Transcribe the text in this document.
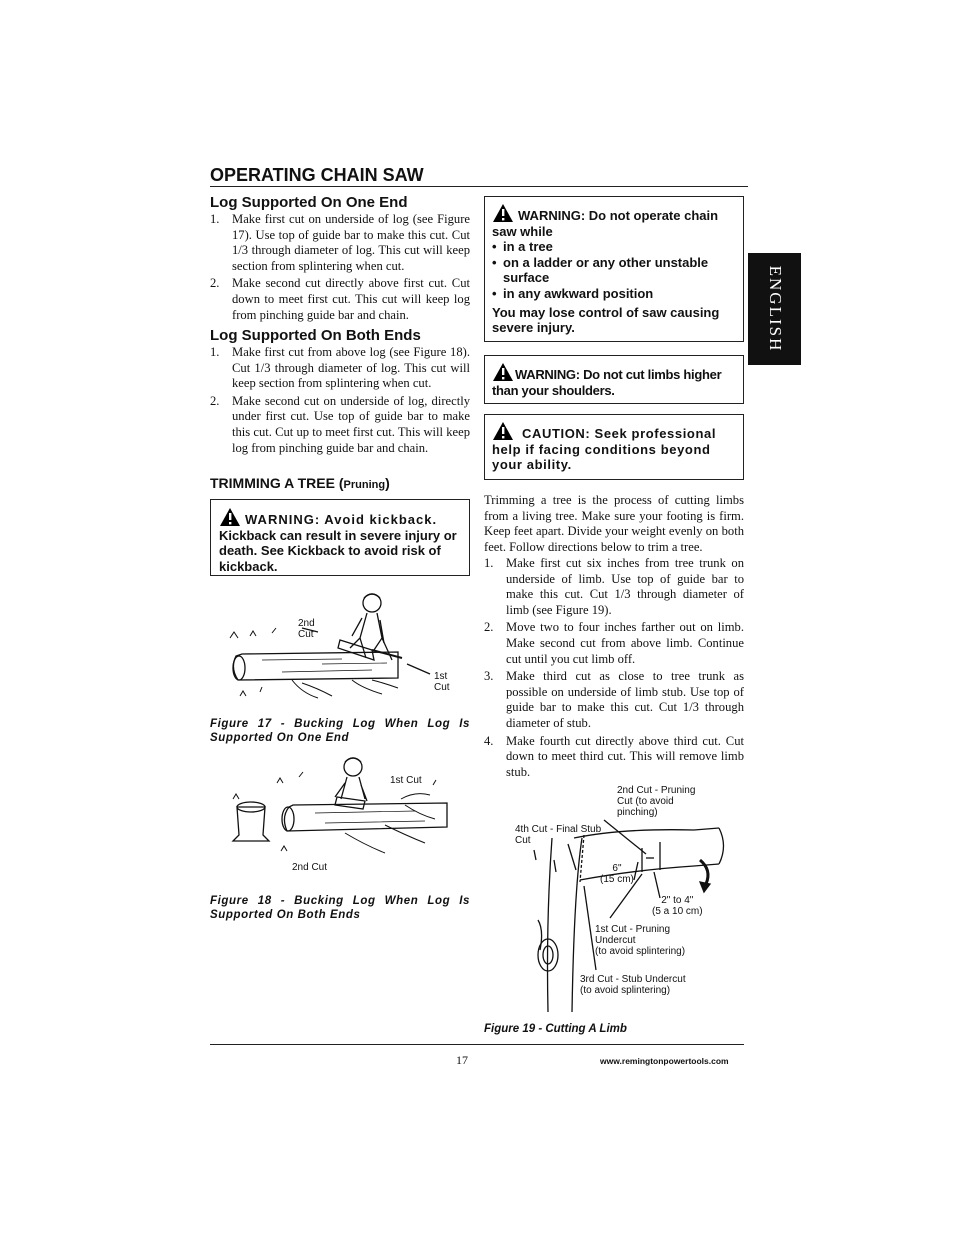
OPERATING CHAIN SAW
ENGLISH
Log Supported On One End
1. Make first cut on underside of log (see Figure 17). Use top of guide bar to make this cut. Cut 1/3 through diameter of log. This cut will keep section from splintering when cut.
2. Make second cut directly above first cut. Cut down to meet first cut. This cut will keep log from pinching guide bar and chain.
Log Supported On Both Ends
1. Make first cut from above log (see Figure 18). Cut 1/3 through diameter of log. This cut will keep section from splintering when cut.
2. Make second cut on underside of log, directly under first cut. Use top of guide bar to make this cut. Cut up to meet first cut. This will keep log from pinching guide bar and chain.
TRIMMING A TREE (Pruning)
WARNING: Avoid kickback.
Kickback can result in severe injury or death. See Kickback to avoid risk of kickback.
2nd
Cut
1st
Cut
Figure 17 - Bucking Log When Log Is Supported On One End
1st Cut
2nd Cut
Figure 18 - Bucking Log When Log Is Supported On Both Ends
WARNING: Do not operate chain saw while
• in a tree
• on a ladder or any other unstable surface
• in any awkward position
You may lose control of saw causing severe injury.
WARNING: Do not cut limbs higher than your shoulders.
CAUTION: Seek professional help if facing conditions beyond your ability.
Trimming a tree is the process of cutting limbs from a living tree. Make sure your footing is firm. Keep feet apart. Divide your weight evenly on both feet. Follow directions below to trim a tree.
1. Make first cut six inches from tree trunk on underside of limb. Use top of guide bar to make this cut. Cut 1/3 through diameter of limb (see Figure 19).
2. Move two to four inches farther out on limb. Make second cut from above limb. Continue cut until you cut limb off.
3. Make third cut as close to tree trunk as possible on underside of limb stub. Use top of guide bar to make this cut. Cut 1/3 through diameter of stub.
4. Make fourth cut directly above third cut. Cut down to meet third cut. This will remove limb stub.
2nd Cut - Pruning
Cut (to avoid
pinching)
4th Cut - Final Stub
Cut
6"
(15 cm)
2" to 4"
(5 a 10 cm)
1st Cut - Pruning
Undercut
(to avoid splintering)
3rd Cut - Stub Undercut
(to avoid splintering)
Figure 19 - Cutting A Limb
17	www.remingtonpowertools.com
